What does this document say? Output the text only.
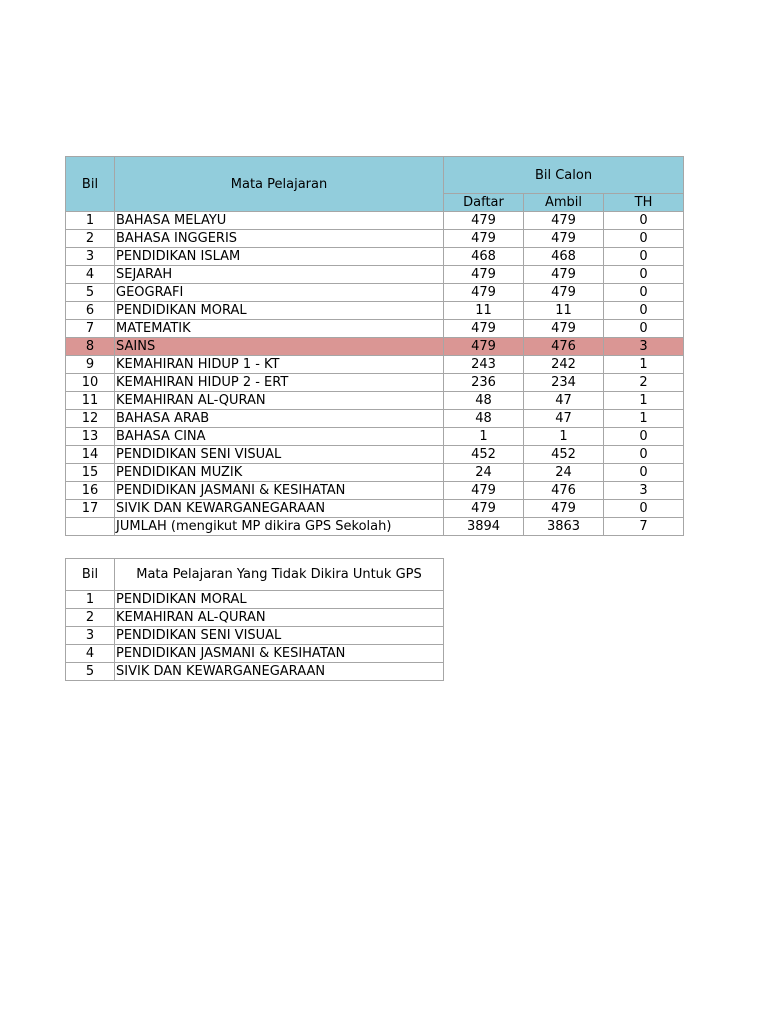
Bil	Mata Pelajaran	Bil Calon		
		Daftar	Ambil	TH
1	BAHASA MELAYU	479	479	0
2	BAHASA INGGERIS	479	479	0
3	PENDIDIKAN ISLAM	468	468	0
4	SEJARAH	479	479	0
5	GEOGRAFI	479	479	0
6	PENDIDIKAN MORAL	11	11	0
7	MATEMATIK	479	479	0
8	SAINS	479	476	3
9	KEMAHIRAN HIDUP 1 - KT	243	242	1
10	KEMAHIRAN HIDUP 2 - ERT	236	234	2
11	KEMAHIRAN AL-QURAN	48	47	1
12	BAHASA ARAB	48	47	1
13	BAHASA CINA	1	1	0
14	PENDIDIKAN SENI VISUAL	452	452	0
15	PENDIDIKAN MUZIK	24	24	0
16	PENDIDIKAN JASMANI & KESIHATAN	479	476	3
17	SIVIK DAN KEWARGANEGARAAN	479	479	0
	JUMLAH (mengikut MP dikira GPS Sekolah)	3894	3863	7
Bil	Mata Pelajaran Yang Tidak Dikira Untuk GPS
1	PENDIDIKAN MORAL
2	KEMAHIRAN AL-QURAN
3	PENDIDIKAN SENI VISUAL
4	PENDIDIKAN JASMANI & KESIHATAN
5	SIVIK DAN KEWARGANEGARAAN
